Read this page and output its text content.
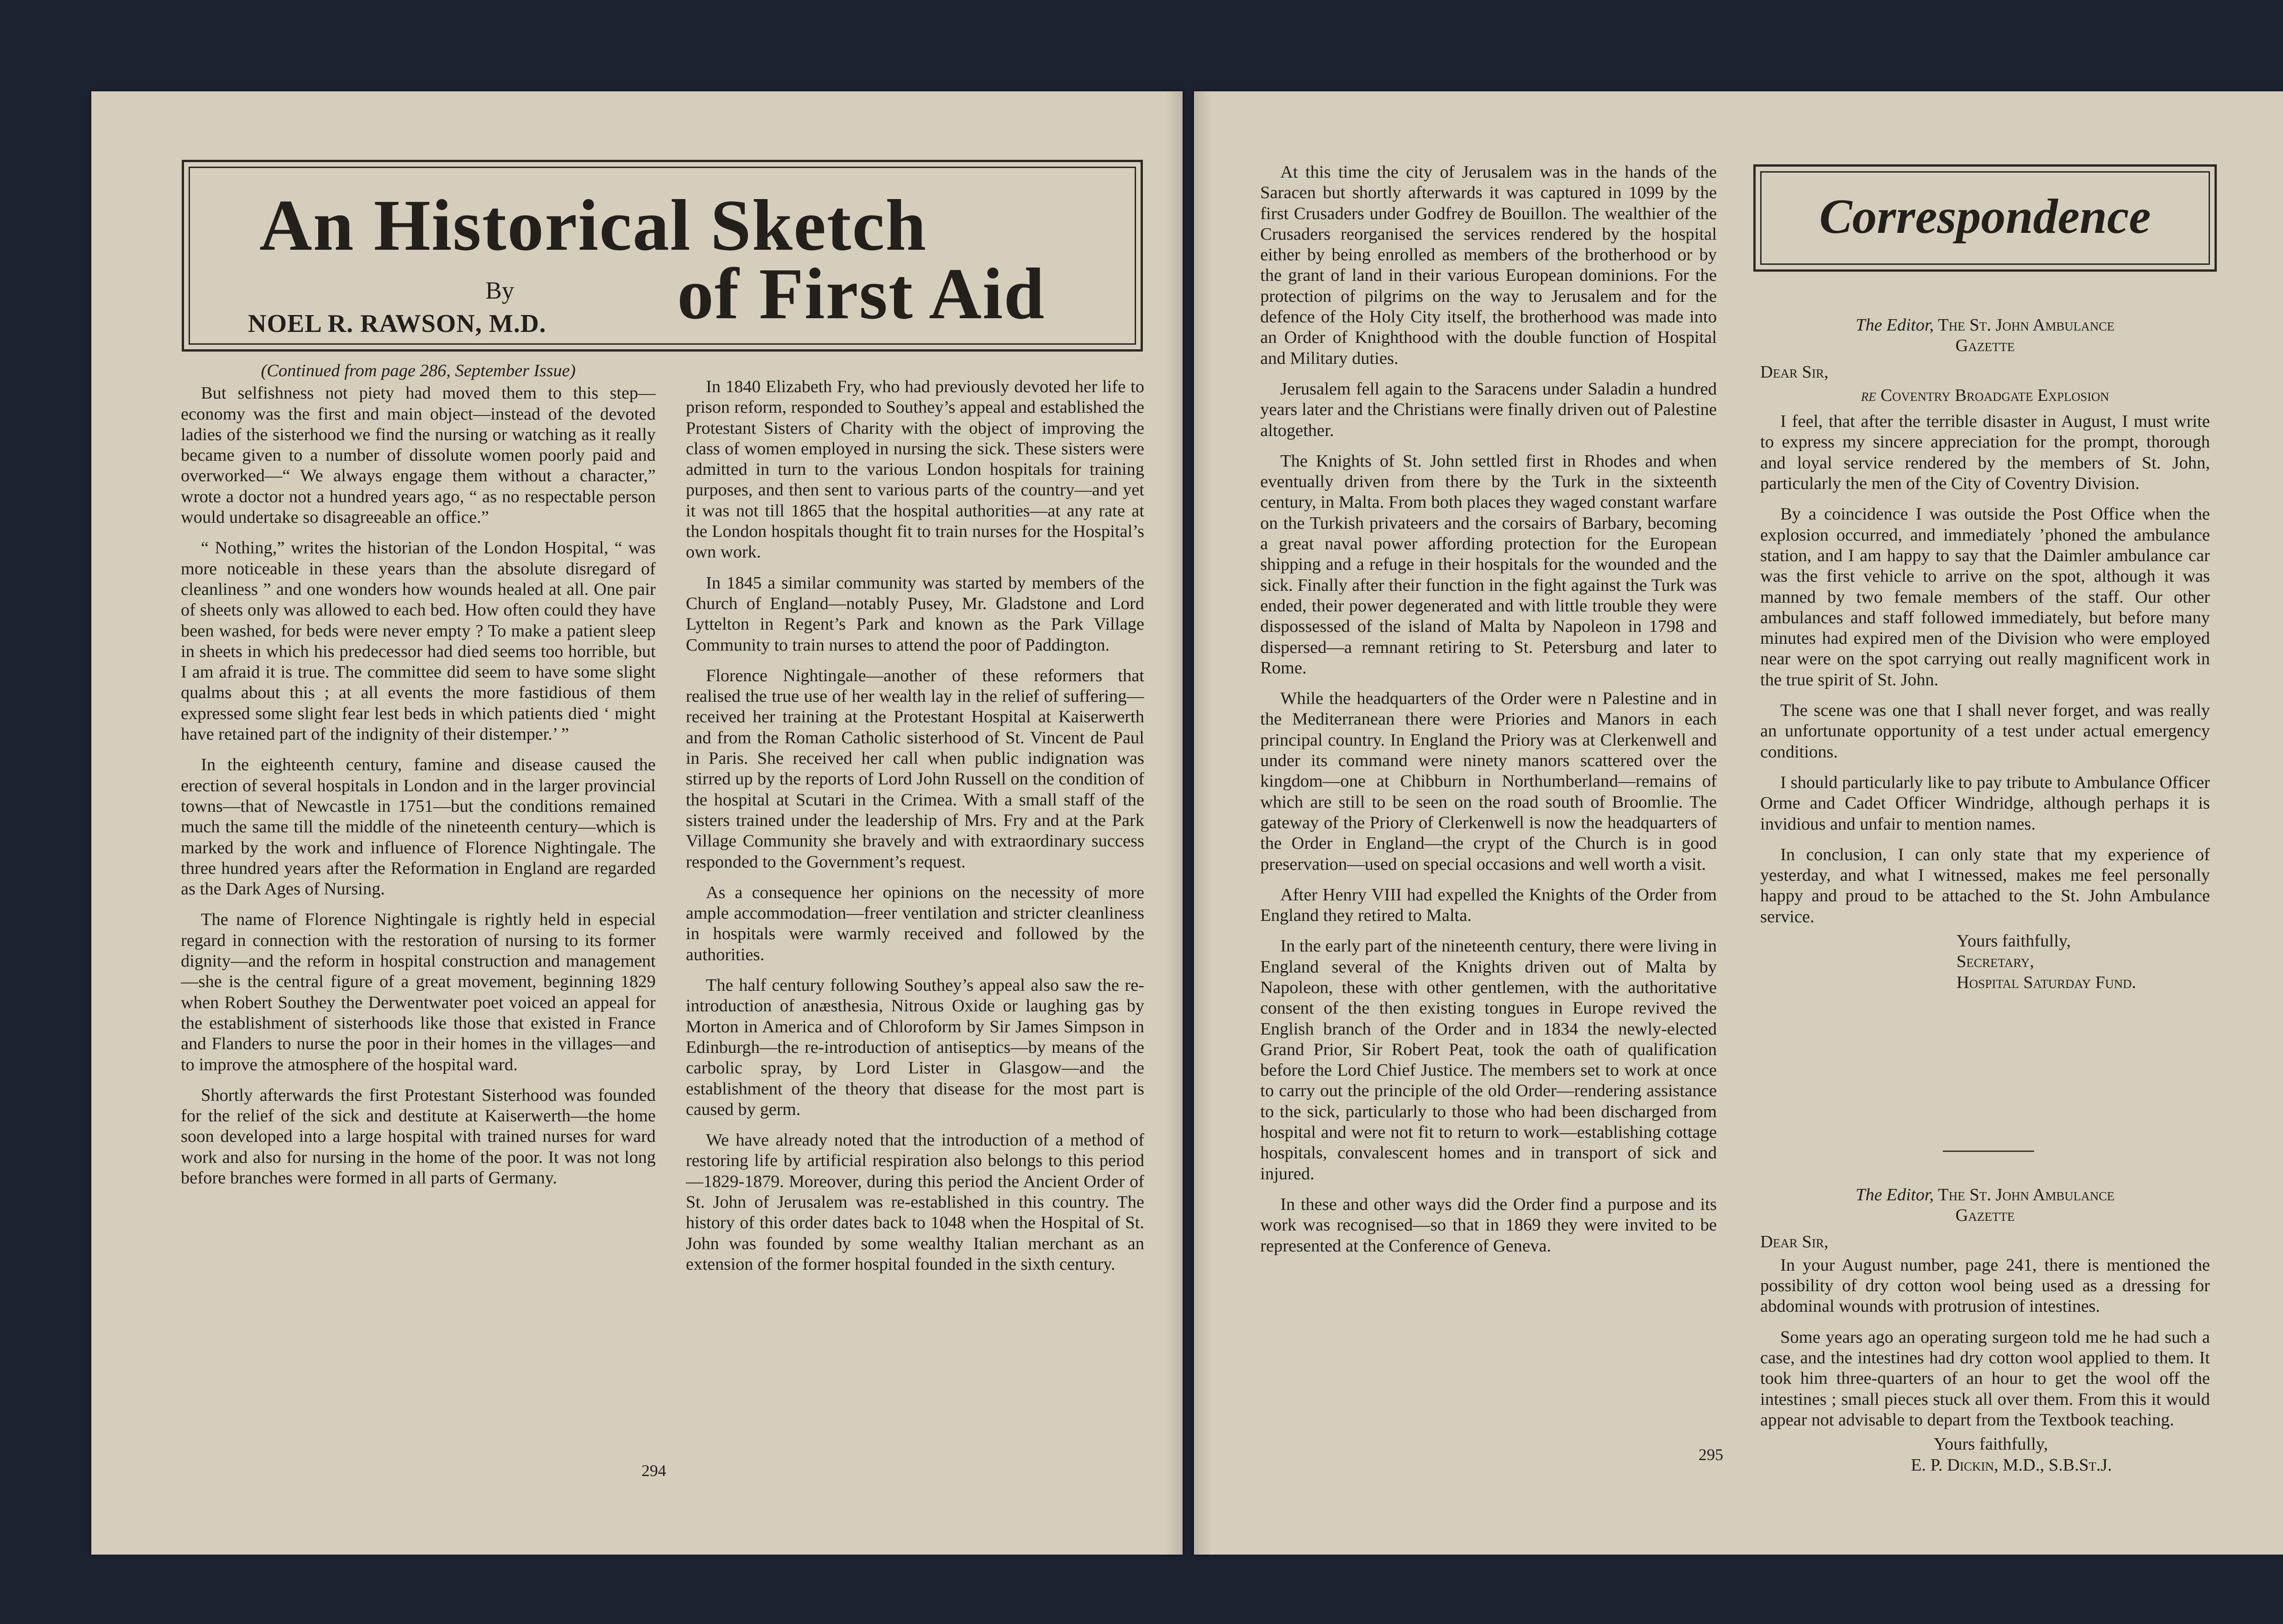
An Historical Sketch
of First Aid
By
NOEL R. RAWSON, M.D.

(Continued from page 286, September Issue)

But selfishness not piety had moved them to this step—economy was the first and main object—instead of the devoted ladies of the sisterhood we find the nursing or watching as it really became given to a number of dissolute women poorly paid and overworked—“ We always engage them without a character,” wrote a doctor not a hundred years ago, “ as no respectable person would undertake so disagreeable an office.”

“ Nothing,” writes the historian of the London Hospital, “ was more noticeable in these years than the absolute disregard of cleanliness ” and one wonders how wounds healed at all. One pair of sheets only was allowed to each bed. How often could they have been washed, for beds were never empty ? To make a patient sleep in sheets in which his predecessor had died seems too horrible, but I am afraid it is true. The committee did seem to have some slight qualms about this ; at all events the more fastidious of them expressed some slight fear lest beds in which patients died ‘ might have retained part of the indignity of their distemper.’ ”

In the eighteenth century, famine and disease caused the erection of several hospitals in London and in the larger provincial towns—that of Newcastle in 1751—but the conditions remained much the same till the middle of the nineteenth century—which is marked by the work and influence of Florence Nightingale. The three hundred years after the Reformation in England are regarded as the Dark Ages of Nursing.

The name of Florence Nightingale is rightly held in especial regard in connection with the restoration of nursing to its former dignity—and the reform in hospital construction and management—she is the central figure of a great movement, beginning 1829 when Robert Southey the Derwentwater poet voiced an appeal for the establishment of sisterhoods like those that existed in France and Flanders to nurse the poor in their homes in the villages—and to improve the atmosphere of the hospital ward.

Shortly afterwards the first Protestant Sisterhood was founded for the relief of the sick and destitute at Kaiserwerth—the home soon developed into a large hospital with trained nurses for ward work and also for nursing in the home of the poor. It was not long before branches were formed in all parts of Germany.

In 1840 Elizabeth Fry, who had previously devoted her life to prison reform, responded to Southey’s appeal and established the Protestant Sisters of Charity with the object of improving the class of women employed in nursing the sick. These sisters were admitted in turn to the various London hospitals for training purposes, and then sent to various parts of the country—and yet it was not till 1865 that the hospital authorities—at any rate at the London hospitals thought fit to train nurses for the Hospital’s own work.

In 1845 a similar community was started by members of the Church of England—notably Pusey, Mr. Gladstone and Lord Lyttelton in Regent’s Park and known as the Park Village Community to train nurses to attend the poor of Paddington.

Florence Nightingale—another of these reformers that realised the true use of her wealth lay in the relief of suffering—received her training at the Protestant Hospital at Kaiserwerth and from the Roman Catholic sisterhood of St. Vincent de Paul in Paris. She received her call when public indignation was stirred up by the reports of Lord John Russell on the condition of the hospital at Scutari in the Crimea. With a small staff of the sisters trained under the leadership of Mrs. Fry and at the Park Village Community she bravely and with extraordinary success responded to the Government’s request.

As a consequence her opinions on the necessity of more ample accommodation—freer ventilation and stricter cleanliness in hospitals were warmly received and followed by the authorities.

The half century following Southey’s appeal also saw the re-introduction of anæsthesia, Nitrous Oxide or laughing gas by Morton in America and of Chloroform by Sir James Simpson in Edinburgh—the re-introduction of antiseptics—by means of the carbolic spray, by Lord Lister in Glasgow—and the establishment of the theory that disease for the most part is caused by germ.

We have already noted that the introduction of a method of restoring life by artificial respiration also belongs to this period—1829-1879. Moreover, during this period the Ancient Order of St. John of Jerusalem was re-established in this country. The history of this order dates back to 1048 when the Hospital of St. John was founded by some wealthy Italian merchant as an extension of the former hospital founded in the sixth century.

294

At this time the city of Jerusalem was in the hands of the Saracen but shortly afterwards it was captured in 1099 by the first Crusaders under Godfrey de Bouillon. The wealthier of the Crusaders reorganised the services rendered by the hospital either by being enrolled as members of the brotherhood or by the grant of land in their various European dominions. For the protection of pilgrims on the way to Jerusalem and for the defence of the Holy City itself, the brotherhood was made into an Order of Knighthood with the double function of Hospital and Military duties.

Jerusalem fell again to the Saracens under Saladin a hundred years later and the Christians were finally driven out of Palestine altogether.

The Knights of St. John settled first in Rhodes and when eventually driven from there by the Turk in the sixteenth century, in Malta. From both places they waged constant warfare on the Turkish privateers and the corsairs of Barbary, becoming a great naval power affording protection for the European shipping and a refuge in their hospitals for the wounded and the sick. Finally after their function in the fight against the Turk was ended, their power degenerated and with little trouble they were dispossessed of the island of Malta by Napoleon in 1798 and dispersed—a remnant retiring to St. Petersburg and later to Rome.

While the headquarters of the Order were n Palestine and in the Mediterranean there were Priories and Manors in each principal country. In England the Priory was at Clerkenwell and under its command were ninety manors scattered over the kingdom—one at Chibburn in Northumberland—remains of which are still to be seen on the road south of Broomlie. The gateway of the Priory of Clerkenwell is now the headquarters of the Order in England—the crypt of the Church is in good preservation—used on special occasions and well worth a visit.

After Henry VIII had expelled the Knights of the Order from England they retired to Malta.

In the early part of the nineteenth century, there were living in England several of the Knights driven out of Malta by Napoleon, these with other gentlemen, with the authoritative consent of the then existing tongues in Europe revived the English branch of the Order and in 1834 the newly-elected Grand Prior, Sir Robert Peat, took the oath of qualification before the Lord Chief Justice. The members set to work at once to carry out the principle of the old Order—rendering assistance to the sick, particularly to those who had been discharged from hospital and were not fit to return to work—establishing cottage hospitals, convalescent homes and in transport of sick and injured.

In these and other ways did the Order find a purpose and its work was recognised—so that in 1869 they were invited to be represented at the Conference of Geneva.

Correspondence

The Editor, The St. John Ambulance

Gazette

Dear Sir,

re Coventry Broadgate Explosion

I feel, that after the terrible disaster in August, I must write to express my sincere appreciation for the prompt, thorough and loyal service rendered by the members of St. John, particularly the men of the City of Coventry Division.

By a coincidence I was outside the Post Office when the explosion occurred, and immediately ’phoned the ambulance station, and I am happy to say that the Daimler ambulance car was the first vehicle to arrive on the spot, although it was manned by two female members of the staff. Our other ambulances and staff followed immediately, but before many minutes had expired men of the Division who were employed near were on the spot carrying out really magnificent work in the true spirit of St. John.

The scene was one that I shall never forget, and was really an unfortunate opportunity of a test under actual emergency conditions.

I should particularly like to pay tribute to Ambulance Officer Orme and Cadet Officer Windridge, although perhaps it is invidious and unfair to mention names.

In conclusion, I can only state that my experience of yesterday, and what I witnessed, makes me feel personally happy and proud to be attached to the St. John Ambulance service.

Yours faithfully,

Secretary,

Hospital Saturday Fund.

The Editor, The St. John Ambulance

Gazette

Dear Sir,

In your August number, page 241, there is mentioned the possibility of dry cotton wool being used as a dressing for abdominal wounds with protrusion of intestines.

Some years ago an operating surgeon told me he had such a case, and the intestines had dry cotton wool applied to them. It took him three-quarters of an hour to get the wool off the intestines ; small pieces stuck all over them. From this it would appear not advisable to depart from the Textbook teaching.

Yours faithfully,

E. P. Dickin, M.D., S.B.St.J.

295
